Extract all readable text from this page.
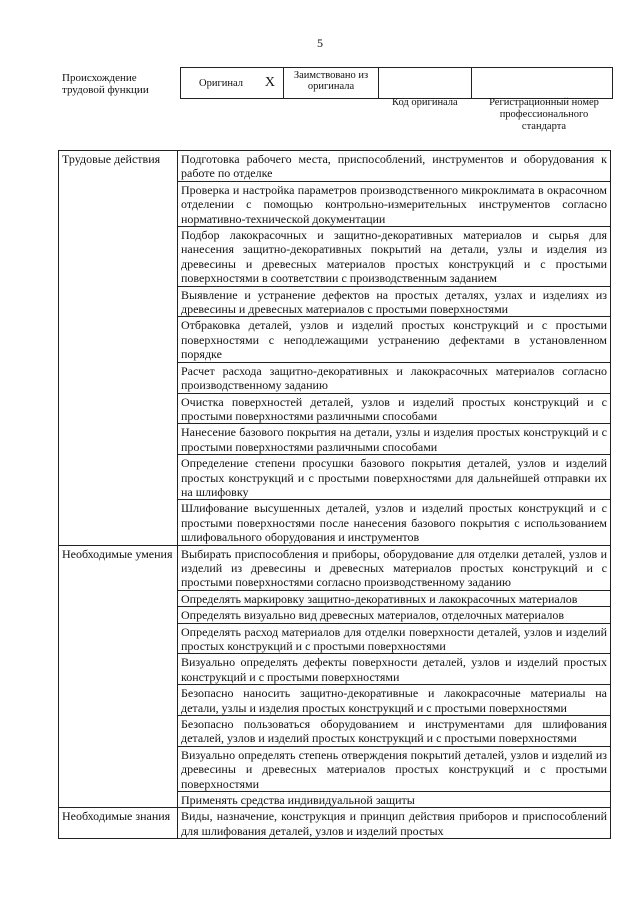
5
Происхождение трудовой функции
Оригинал X	Заимствовано из оригинала
Код оригинала	Регистрационный номер профессионального стандарта
Трудовые действия	Подготовка рабочего места, приспособлений, инструментов и оборудования к работе по отделке
	Проверка и настройка параметров производственного микроклимата в окрасочном отделении с помощью контрольно-измерительных инструментов согласно нормативно-технической документации
	Подбор лакокрасочных и защитно-декоративных материалов и сырья для нанесения защитно-декоративных покрытий на детали, узлы и изделия из древесины и древесных материалов простых конструкций и с простыми поверхностями в соответствии с производственным заданием
	Выявление и устранение дефектов на простых деталях, узлах и изделиях из древесины и древесных материалов с простыми поверхностями
	Отбраковка деталей, узлов и изделий простых конструкций и с простыми поверхностями с неподлежащими устранению дефектами в установленном порядке
	Расчет расхода защитно-декоративных и лакокрасочных материалов согласно производственному заданию
	Очистка поверхностей деталей, узлов и изделий простых конструкций и с простыми поверхностями различными способами
	Нанесение базового покрытия на детали, узлы и изделия простых конструкций и с простыми поверхностями различными способами
	Определение степени просушки базового покрытия деталей, узлов и изделий простых конструкций и с простыми поверхностями для дальнейшей отправки их на шлифовку
	Шлифование высушенных деталей, узлов и изделий простых конструкций и с простыми поверхностями после нанесения базового покрытия с использованием шлифовального оборудования и инструментов
Необходимые умения	Выбирать приспособления и приборы, оборудование для отделки деталей, узлов и изделий из древесины и древесных материалов простых конструкций и с простыми поверхностями согласно производственному заданию
	Определять маркировку защитно-декоративных и лакокрасочных материалов
	Определять визуально вид древесных материалов, отделочных материалов
	Определять расход материалов для отделки поверхности деталей, узлов и изделий простых конструкций и с простыми поверхностями
	Визуально определять дефекты поверхности деталей, узлов и изделий простых конструкций и с простыми поверхностями
	Безопасно наносить защитно-декоративные и лакокрасочные материалы на детали, узлы и изделия простых конструкций и с простыми поверхностями
	Безопасно пользоваться оборудованием и инструментами для шлифования деталей, узлов и изделий простых конструкций и с простыми поверхностями
	Визуально определять степень отверждения покрытий деталей, узлов и изделий из древесины и древесных материалов простых конструкций и с простыми поверхностями
	Применять средства индивидуальной защиты
Необходимые знания	Виды, назначение, конструкция и принцип действия приборов и приспособлений для шлифования деталей, узлов и изделий простых
